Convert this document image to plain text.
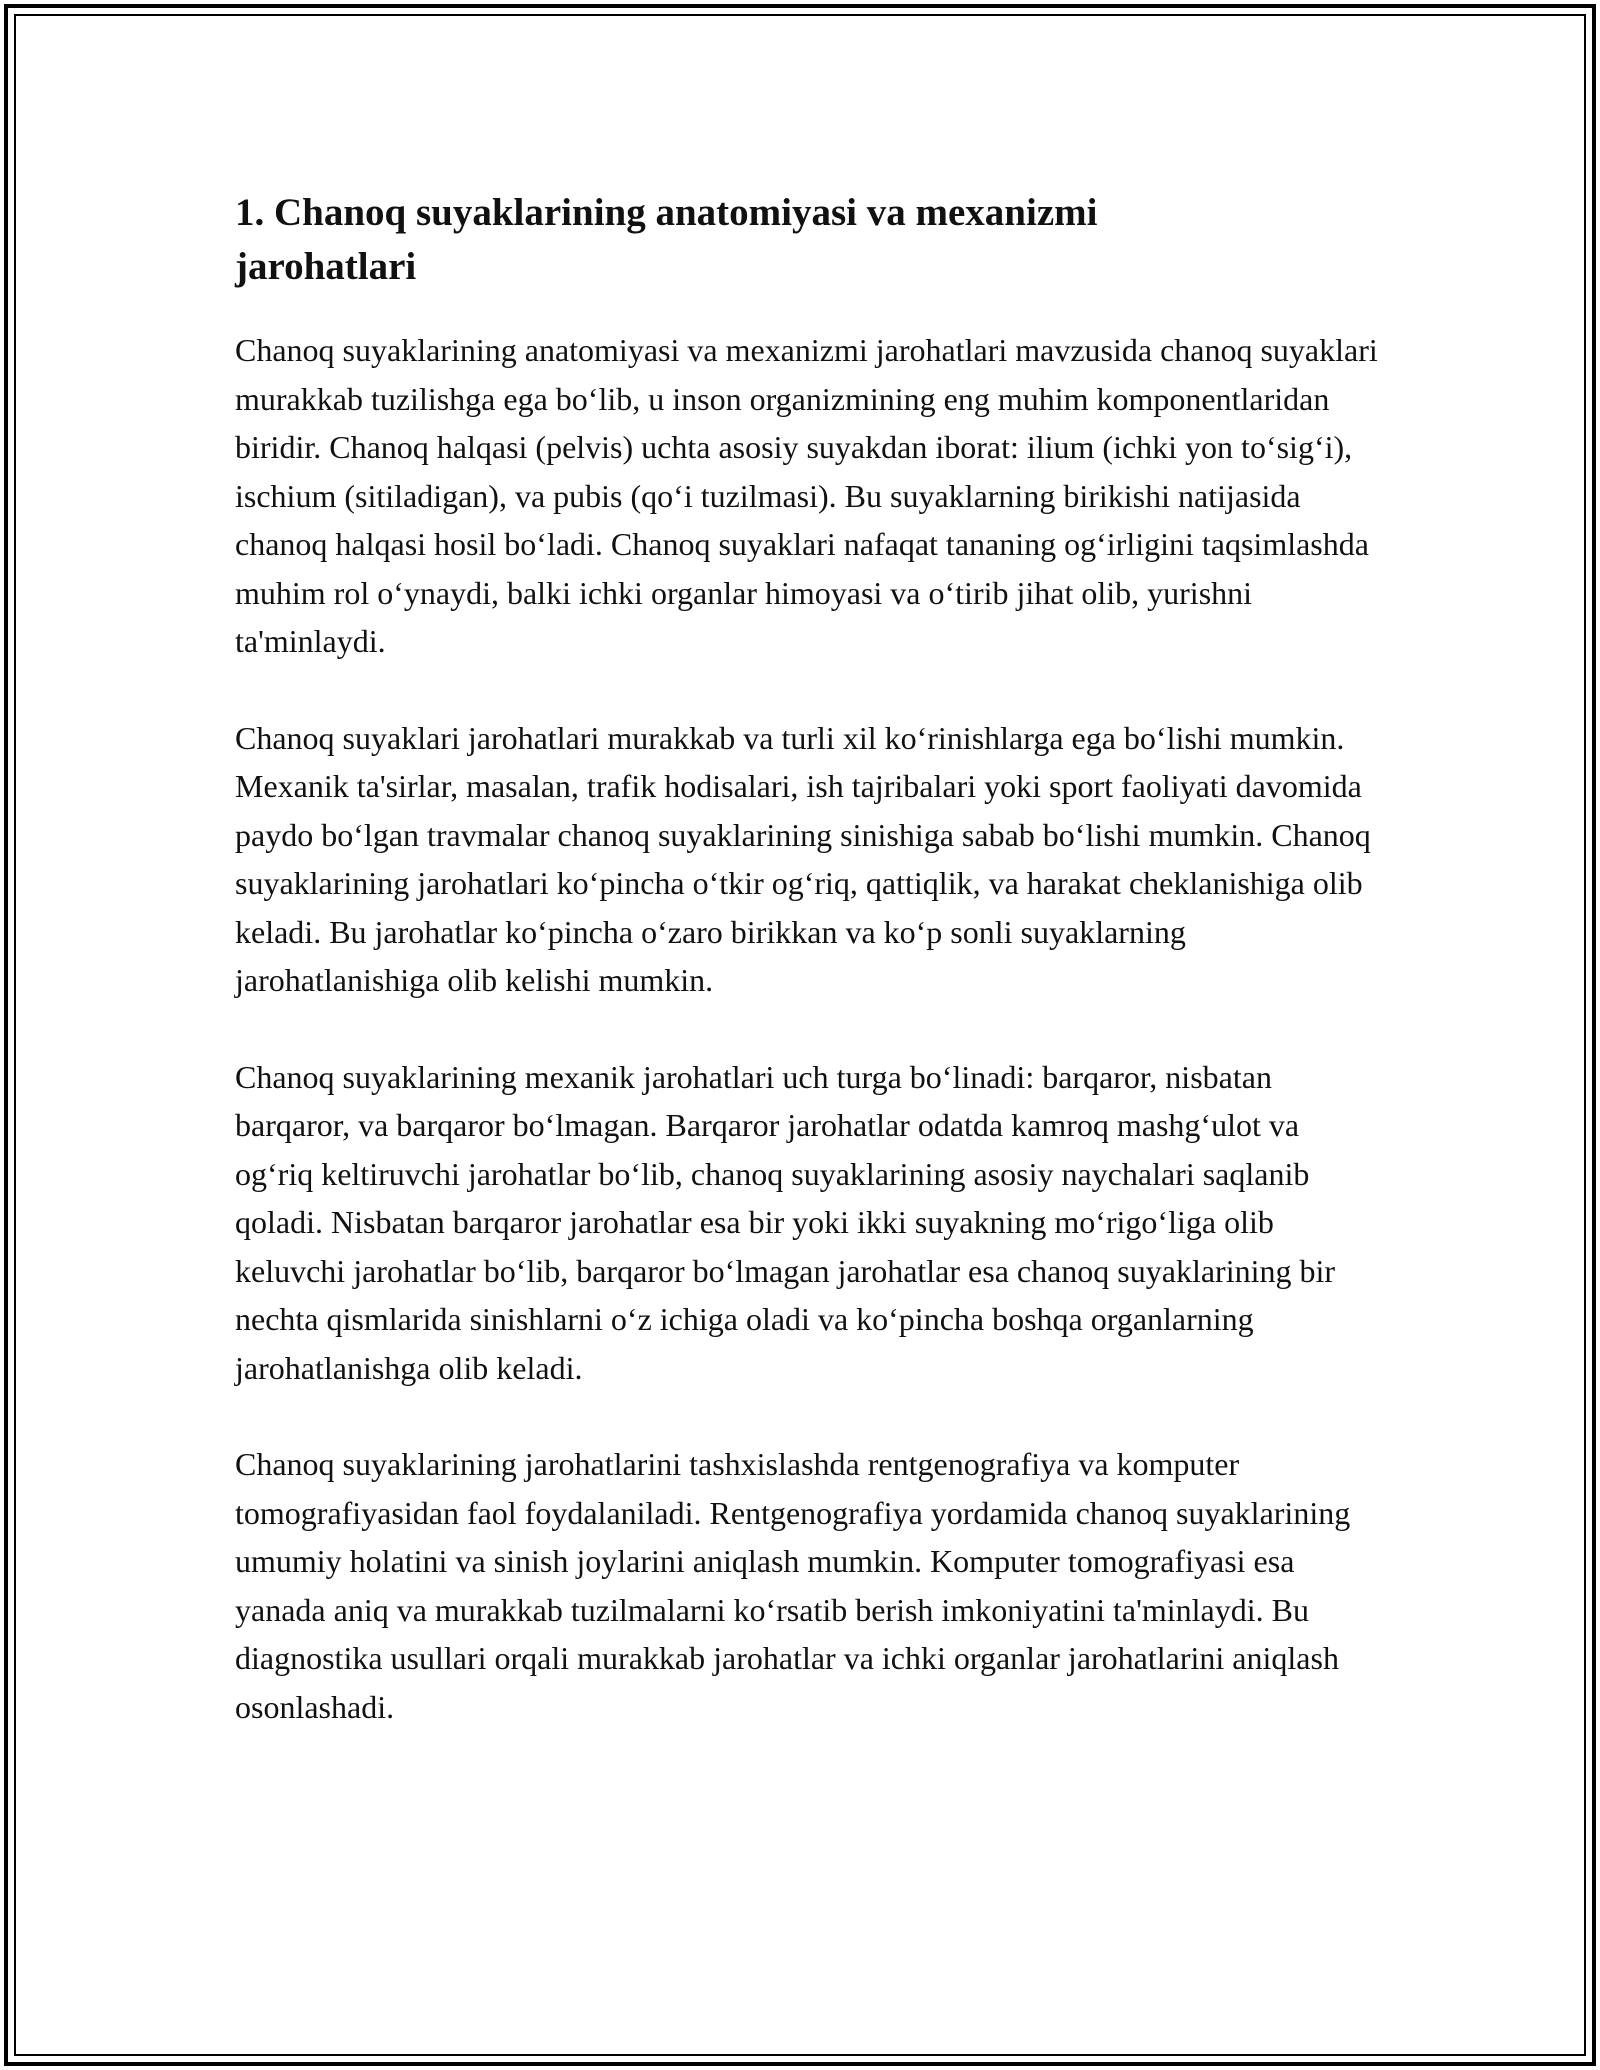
1. Chanoq suyaklarining anatomiyasi va mexanizmi jarohatlari

Chanoq suyaklarining anatomiyasi va mexanizmi jarohatlari mavzusida chanoq suyaklari murakkab tuzilishga ega bo‘lib, u inson organizmining eng muhim komponentlaridan biridir. Chanoq halqasi (pelvis) uchta asosiy suyakdan iborat: ilium (ichki yon to‘sig‘i), ischium (sitiladigan), va pubis (qo‘i tuzilmasi). Bu suyaklarning birikishi natijasida chanoq halqasi hosil bo‘ladi. Chanoq suyaklari nafaqat tananing og‘irligini taqsimlashda muhim rol o‘ynaydi, balki ichki organlar himoyasi va o‘tirib jihat olib, yurishni ta'minlaydi.

Chanoq suyaklari jarohatlari murakkab va turli xil ko‘rinishlarga ega bo‘lishi mumkin. Mexanik ta'sirlar, masalan, trafik hodisalari, ish tajribalari yoki sport faoliyati davomida paydo bo‘lgan travmalar chanoq suyaklarining sinishiga sabab bo‘lishi mumkin. Chanoq suyaklarining jarohatlari ko‘pincha o‘tkir og‘riq, qattiqlik, va harakat cheklanishiga olib keladi. Bu jarohatlar ko‘pincha o‘zaro birikkan va ko‘p sonli suyaklarning jarohatlanishiga olib kelishi mumkin.

Chanoq suyaklarining mexanik jarohatlari uch turga bo‘linadi: barqaror, nisbatan barqaror, va barqaror bo‘lmagan. Barqaror jarohatlar odatda kamroq mashg‘ulot va og‘riq keltiruvchi jarohatlar bo‘lib, chanoq suyaklarining asosiy naychalari saqlanib qoladi. Nisbatan barqaror jarohatlar esa bir yoki ikki suyakning mo‘rigo‘liga olib keluvchi jarohatlar bo‘lib, barqaror bo‘lmagan jarohatlar esa chanoq suyaklarining bir nechta qismlarida sinishlarni o‘z ichiga oladi va ko‘pincha boshqa organlarning jarohatlanishga olib keladi.

Chanoq suyaklarining jarohatlarini tashxislashda rentgenografiya va komputer tomografiyasidan faol foydalaniladi. Rentgenografiya yordamida chanoq suyaklarining umumiy holatini va sinish joylarini aniqlash mumkin. Komputer tomografiyasi esa yanada aniq va murakkab tuzilmalarni ko‘rsatib berish imkoniyatini ta'minlaydi. Bu diagnostika usullari orqali murakkab jarohatlar va ichki organlar jarohatlarini aniqlash osonlashadi.
